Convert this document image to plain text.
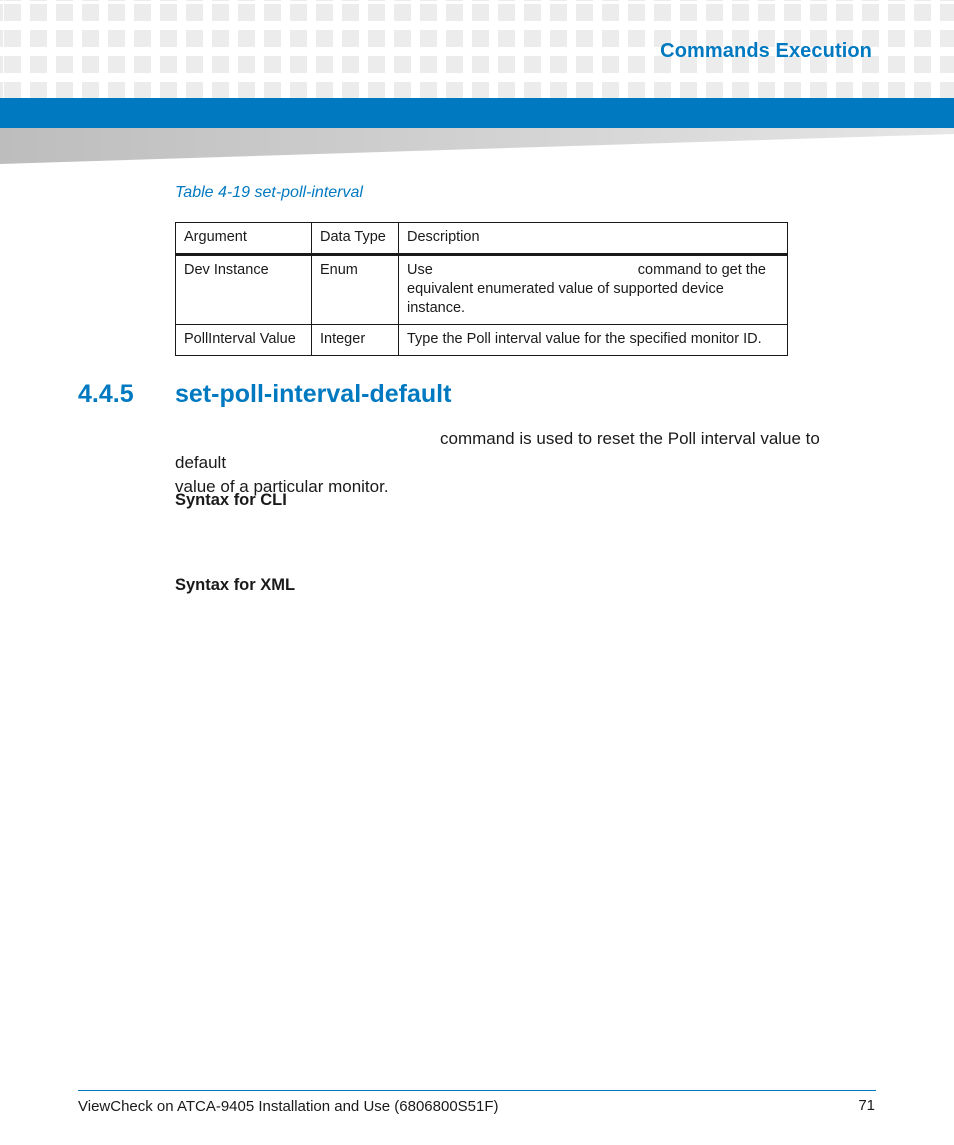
Commands Execution
Table 4-19 set-poll-interval
Argument	Data Type	Description
Dev Instance	Enum	Use command to get the equivalent enumerated value of supported device instance.
PollInterval Value	Integer	Type the Poll interval value for the specified monitor ID.
4.4.5 set-poll-interval-default
command is used to reset the Poll interval value to default
value of a particular monitor.
Syntax for CLI
Syntax for XML
ViewCheck on ATCA-9405 Installation and Use (6806800S51F)	71
